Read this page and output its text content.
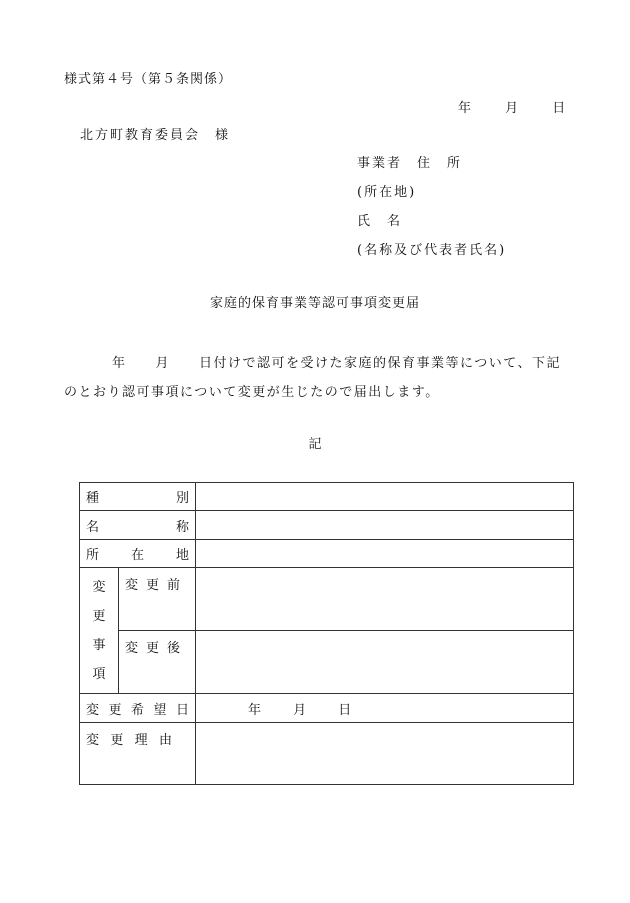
様式第４号（第５条関係）
年 月 日
北方町教育委員会　様
事業者　住　所
(所在地)
氏　名
(名称及び代表者氏名)
家庭的保育事業等認可事項変更届
年　　月　　日付けで認可を受けた家庭的保育事業等について、下記のとおり認可事項について変更が生じたので届出します。
記
種 別		

名 称		

所 在 地		

変
更
事
項	変更前	
	変更後	

変 更 希 望 日		年 月 日

変 更 理 由		
